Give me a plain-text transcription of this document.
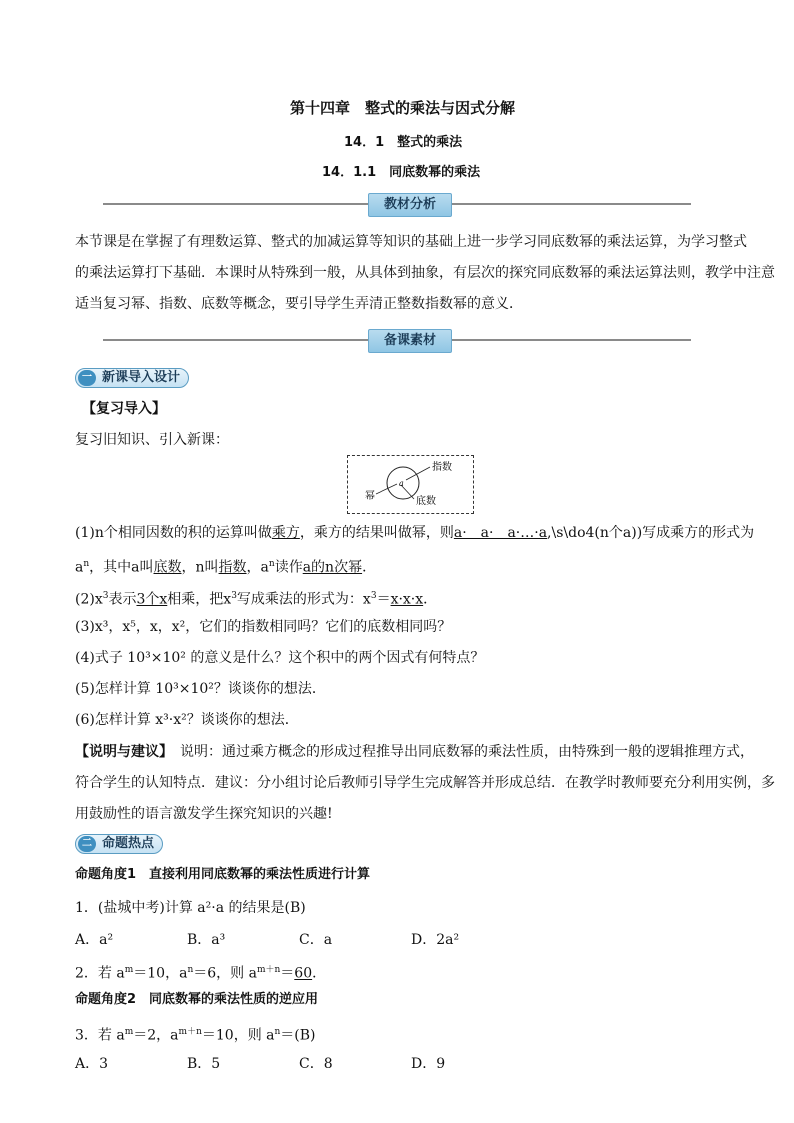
第十四章　整式的乘法与因式分解
14．1　整式的乘法
14．1.1　同底数幂的乘法
教材分析
本节课是在掌握了有理数运算、整式的加减运算等知识的基础上进一步学习同底数幂的乘法运算，为学习整式
的乘法运算打下基础．本课时从特殊到一般，从具体到抽象，有层次的探究同底数幂的乘法运算法则，教学中注意
适当复习幂、指数、底数等概念，要引导学生弄清正整数指数幂的意义．
备课素材
一 新课导入设计
【复习导入】
复习旧知识、引入新课：
a
指数
幂	底数
(1)n个相同因数的积的运算叫做乘方，乘方的结果叫做幂，则a·　a·　a·…·a,\s\do4(n个a))写成乘方的形式为
$a^n$，其中a叫底数，n叫指数，$a^n$读作a的n次幂．
$(2)x^3$表示3个x相乘，把$x^3$写成乘法的形式为：$x^3=x\cdot x\cdot x$．
(3)x³，x⁵，x，x²，它们的指数相同吗？它们的底数相同吗？
(4)式子 10³×10² 的意义是什么？这个积中的两个因式有何特点？
(5)怎样计算 10³×10²？谈谈你的想法．
(6)怎样计算 x³·x²？谈谈你的想法．
【说明与建议】　说明：通过乘方概念的形成过程推导出同底数幂的乘法性质，由特殊到一般的逻辑推理方式，
符合学生的认知特点．建议：分小组讨论后教师引导学生完成解答并形成总结．在教学时教师要充分利用实例，多
用鼓励性的语言激发学生探究知识的兴趣!
二 命题热点
命题角度1　直接利用同底数幂的乘法性质进行计算
1．(盐城中考)计算 a²·a 的结果是(B)
A．a²	B．a³	C．a	D．2a²
2．若 $a^m=10$，$a^n=6$，则 $a^{m+n}=60$．
命题角度2　同底数幂的乘法性质的逆应用
3．若 $a^m=2$，$a^{m+n}=10$，则 $a^n=(B)$
A．3	B．5	C．8	D．9
